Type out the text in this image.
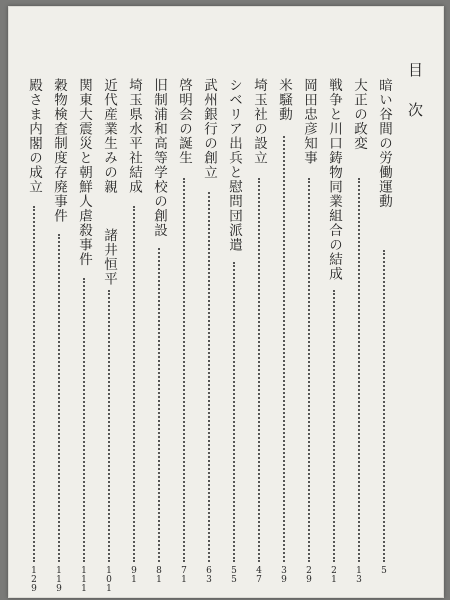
目 次
暗い谷間の労働運動
5
大正の政変
13
戦争と川口鋳物同業組合の結成
21
岡田忠彦知事
29
米騒動
39
埼玉社の設立
47
シベリア出兵と慰問団派遣
55
武州銀行の創立
63
啓明会の誕生
71
旧制浦和高等学校の創設
81
埼玉県水平社結成
91
近代産業生みの親
諸井恒平
101
関東大震災と朝鮮人虐殺事件
111
穀物検査制度存廃事件
119
殿さま内閣の成立
129
